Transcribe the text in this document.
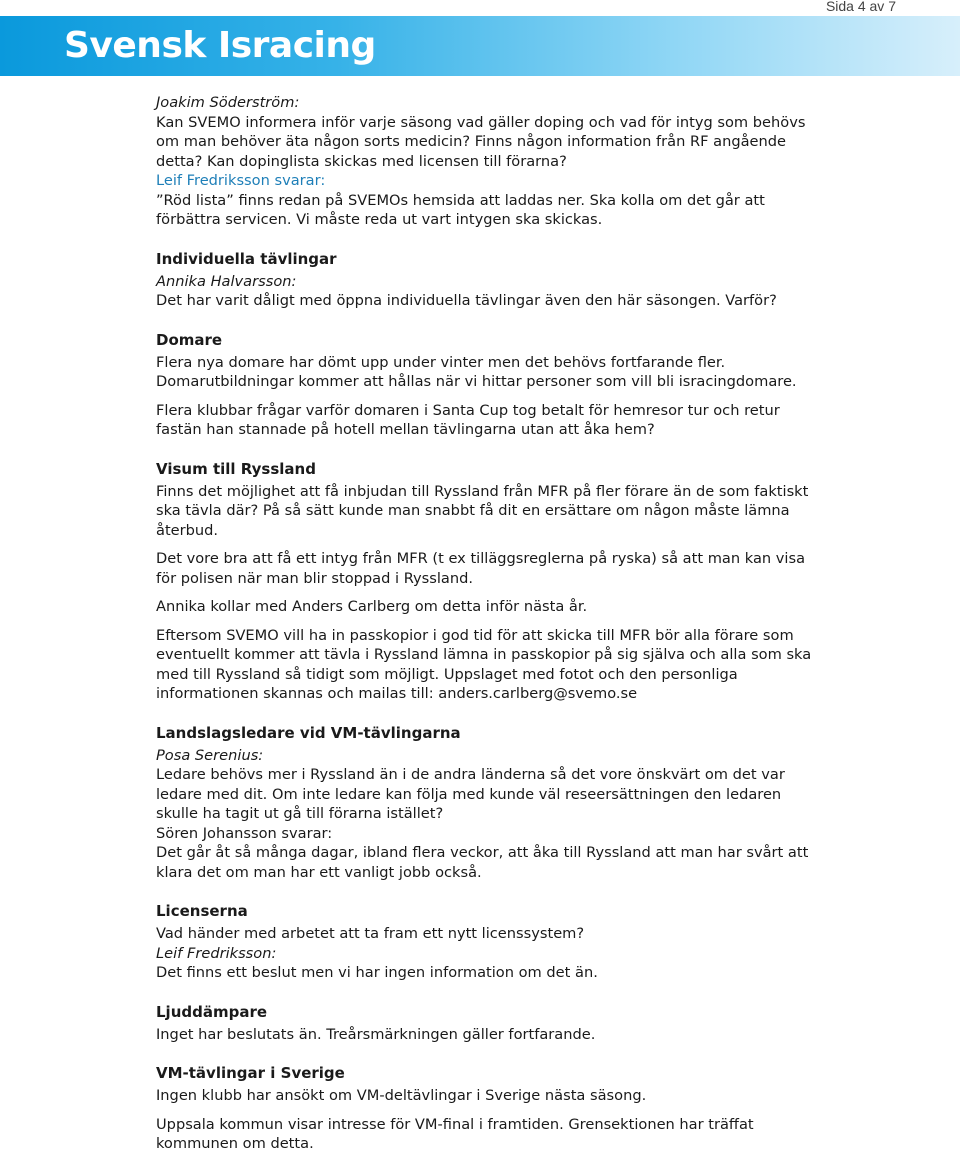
Sida 4 av 7
Svensk Isracing

Joakim Söderström:

Kan SVEMO informera inför varje säsong vad gäller doping och vad för intyg som behövs om man behöver äta någon sorts medicin? Finns någon information från RF angående detta? Kan dopinglista skickas med licensen till förarna?

Leif Fredriksson svarar:

”Röd lista” finns redan på SVEMOs hemsida att laddas ner. Ska kolla om det går att förbättra servicen. Vi måste reda ut vart intygen ska skickas.

Individuella tävlingar

Annika Halvarsson:

Det har varit dåligt med öppna individuella tävlingar även den här säsongen. Varför?

Domare

Flera nya domare har dömt upp under vinter men det behövs fortfarande fler. Domarutbildningar kommer att hållas när vi hittar personer som vill bli isracingdomare.

Flera klubbar frågar varför domaren i Santa Cup tog betalt för hemresor tur och retur fastän han stannade på hotell mellan tävlingarna utan att åka hem?

Visum till Ryssland

Finns det möjlighet att få inbjudan till Ryssland från MFR på fler förare än de som faktiskt ska tävla där? På så sätt kunde man snabbt få dit en ersättare om någon måste lämna återbud.

Det vore bra att få ett intyg från MFR (t ex tilläggsreglerna på ryska) så att man kan visa för polisen när man blir stoppad i Ryssland.

Annika kollar med Anders Carlberg om detta inför nästa år.

Eftersom SVEMO vill ha in passkopior i god tid för att skicka till MFR bör alla förare som eventuellt kommer att tävla i Ryssland lämna in passkopior på sig själva och alla som ska med till Ryssland så tidigt som möjligt. Uppslaget med fotot och den personliga informationen skannas och mailas till: anders.carlberg@svemo.se

Landslagsledare vid VM-tävlingarna

Posa Serenius:

Ledare behövs mer i Ryssland än i de andra länderna så det vore önskvärt om det var ledare med dit. Om inte ledare kan följa med kunde väl reseersättningen den ledaren skulle ha tagit ut gå till förarna istället?

Sören Johansson svarar:

Det går åt så många dagar, ibland flera veckor, att åka till Ryssland att man har svårt att klara det om man har ett vanligt jobb också.

Licenserna

Vad händer med arbetet att ta fram ett nytt licenssystem?

Leif Fredriksson:

Det finns ett beslut men vi har ingen information om det än.

Ljuddämpare

Inget har beslutats än. Treårsmärkningen gäller fortfarande.

VM-tävlingar i Sverige

Ingen klubb har ansökt om VM-deltävlingar i Sverige nästa säsong.

Uppsala kommun visar intresse för VM-final i framtiden. Grensektionen har träffat kommunen om detta.
